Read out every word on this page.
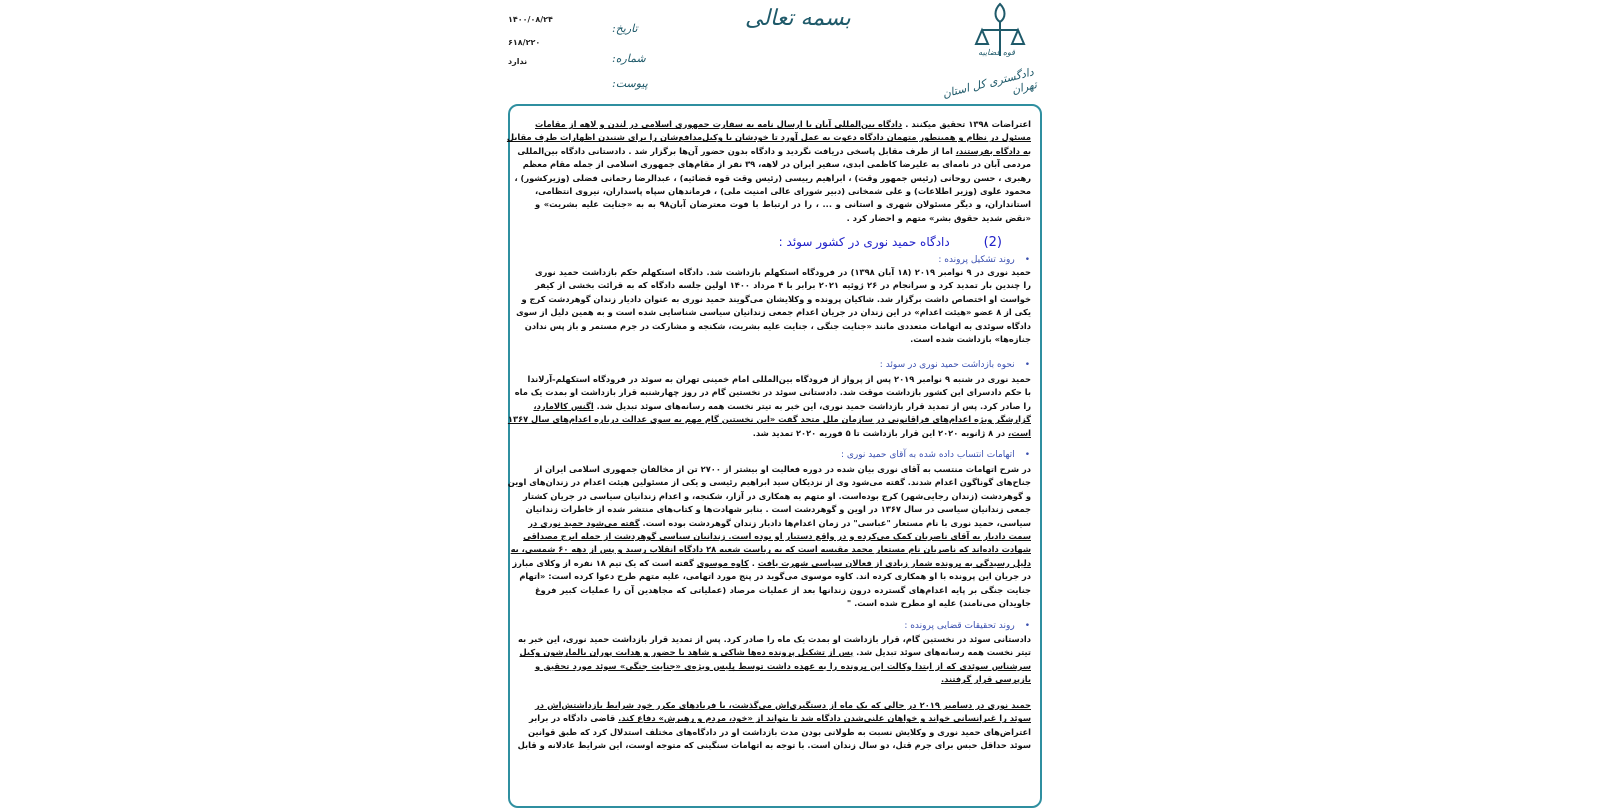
قوه قضاییه
دادگستری کل استان تهران
بسمه تعالی
تاریخ:
شماره:
پیوست:
۱۴۰۰/۰۸/۲۴
۶۱۸/۲۲۰
ندارد
اعتراضات ۱۳۹۸ تحقیق میکنند . دادگاه بین‌المللی آبان با ارسال نامه به سفارت جمهوری اسلامی در لندن و لاهه از مقامات
مسئول در نظام و همینطور متهمان دادگاه دعوت به عمل آورد تا خودشان یا وکیل‌مدافع‌شان را برای شنیدن اظهارات طرف مقابل
به دادگاه بفرستند، اما از طرف مقابل پاسخی دریافت نگردید و دادگاه بدون حضور آن‌ها برگزار شد . دادستانی دادگاه بین‌المللی
مردمی آبان در نامه‌ای به علیرضا کاظمی ابدی، سفیر ایران در لاهه، ۳۹ نفر از مقام‌های جمهوری اسلامی از جمله مقام معظم
رهبری ، حسن روحانی (رئیس جمهور وقت) ، ابراهیم رییسی (رئیس وقت قوه قضائیه) ، عبدالرضا رحمانی فضلی (وزیرکشور) ،
محمود علوی (وزیر اطلاعات) و علی شمخانی (دبیر شورای عالی امنیت ملی) ، فرماندهان سپاه پاسداران، نیروی انتظامی،
استانداران، و دیگر مسئولان شهری و استانی و ... ، را در ارتباط با فوت معترضان آبان۹۸ به به «جنایت علیه بشریت» و
«نقض شدید حقوق بشر» متهم و احضار کرد .
(2) دادگاه حمید نوری در کشور سوئد :
•روند تشکیل پرونده :
حمید نوری در ۹ نوامبر ۲۰۱۹ (۱۸ آبان ۱۳۹۸) در فرودگاه استکهلم بازداشت شد. دادگاه استکهلم حکم بازداشت حمید نوری
را چندین بار تمدید کرد و سرانجام در ۲۶ ژوئیه ۲۰۲۱ برابر با ۴ مرداد ۱۴۰۰ اولین جلسه دادگاه که به قرائت بخشی از کیفر
خواست او اختصاص داشت برگزار شد. شاکیان پرونده و وکلایشان می‌گویند حمید نوری به عنوان دادیار زندان گوهردشت کرج و
یکی از ۸ عضو «هیئت اعدام» در این زندان در جریان اعدام جمعی زندانیان سیاسی شناسایی شده است و به همین دلیل از سوی
دادگاه سوئدی به اتهامات متعددی مانند «جنایت جنگی ، جنایت علیه بشریت، شکنجه و مشارکت در جرم مستمر و باز پس ندادن
جنازه‌ها» بازداشت شده است.
•نحوه بازداشت حمید نوری در سوئد :
حمید نوری در شنبه ۹ نوامبر ۲۰۱۹ پس از پرواز از فرودگاه بین‌المللی امام خمینی تهران به سوئد در فرودگاه استکهلم-آرلاندا
با حکم دادسرای این کشور بازداشت موقت شد. دادستانی سوئد در نخستین گام در روز چهارشنبه قرار بازداشت او بمدت یک ماه
را صادر کرد. پس از تمدید قرار بازداشت حمید نوری، این خبر به تیتر نخست همه رسانه‌های سوئد تبدیل شد. اگنس کالامارد،
گزارشگر ویژه اعدام‌های فراقانونی در سازمان ملل متحد گفت «این نخستین گام مهم به سوی عدالت درباره اعدام‌های سال ۱۳۶۷
است، در ۸ ژانویه ۲۰۲۰ این قرار بازداشت تا ۵ فوریه ۲۰۲۰ تمدید شد.
•اتهامات انتساب داده شده به آقای حمید نوری :
در شرح اتهامات منتسب به آقای نوری بیان شده در دوره فعالیت او بیشتر از ۲۷۰۰ تن از مخالفان جمهوری اسلامی ایران از
جناح‌های گوناگون اعدام شدند. گفته می‌شود وی از نزدیکان سید ابراهیم رئیسی و یکی از مسئولین هیئت اعدام در زندان‌های اوین
و گوهردشت (زندان رجایی‌شهر) کرج بوده‌است. او متهم به همکاری در آزار، شکنجه، و اعدام زندانیان سیاسی در جریان کشتار
جمعی زندانیان سیاسی در سال ۱۳۶۷ در اوین و گوهردشت است . بنابر شهادت‌ها و کتاب‌های منتشر شده از خاطرات زندانیان
سیاسی، حمید نوری با نام مستعار "عباسی" در زمان اعدام‌ها دادیار زندان گوهردشت بوده است. گفته می‌شود حمید نوری در
سمت دادیار به آقای ناصریان کمک می‌کرده و در واقع دستیار او بوده است. زندانیان سیاسی گوهردشت از جمله ایرج مصداقی
شهادت داده‌اند که ناصریان نام مستعار محمد مقیسه است که به ریاست شعبه ۲۸ دادگاه انقلاب رسید و پس از دهه ۶۰ شمسی، به
دلیل رسیدگی به پرونده شمار زیادی از فعالان سیاسی شهرت یافت . کاوه موسوی گفته است که یک تیم ۱۸ نفره از وکلای مبارز
در جریان این پرونده با او همکاری کرده اند. کاوه موسوی می‌گوید در پنج مورد اتهامی، علیه متهم طرح دعوا کرده است: «اتهام
جنایت جنگی بر پایه اعدام‌های گسترده درون زندانها بعد از عملیات مرصاد (عملیاتی که مجاهدین آن را عملیات کبیر فروغ
جاویدان می‌نامند) علیه او مطرح شده است. "
•روند تحقیقات قضایی پرونده :
دادستانی سوئد در نخستین گام، قرار بازداشت او بمدت یک ماه را صادر کرد. پس از تمدید قرار بازداشت حمید نوری، این خبر به
تیتر نخست همه رسانه‌های سوئد تبدیل شد. پس از تشکیل پرونده ده‌ها شاکی و شاهد با حضور و هدایت پوران بالمارشون وکیل
سرشناس سوئدی که از ابتدا وکالت این پرونده را به عهده داشت توسط پلیس ویژه‌ی «جنایت جنگی» سوئد مورد تحقیق و
بازپرسی قرار گرفتند.
حمید نوری در دسامبر ۲۰۱۹ در حالی که یک ماه از دستگیری‌اش می‌گذشت، با فریادهای مکرر خود شرایط بازداشتش‌اش در
سوئد را غیرانسانی خواند و خواهان علنی‌شدن دادگاه شد تا بتواند از «خود، مردم و رهبرش» دفاع کند. قاضی دادگاه در برابر
اعتراض‌های حمید نوری و وکلایش نسبت به طولانی بودن مدت بازداشت او در دادگاه‌های مختلف استدلال کرد که طبق قوانین
سوئد حداقل حبس برای جرم قتل، دو سال زندان است. با توجه به اتهامات سنگینی که متوجه اوست، این شرایط عادلانه و قابل
